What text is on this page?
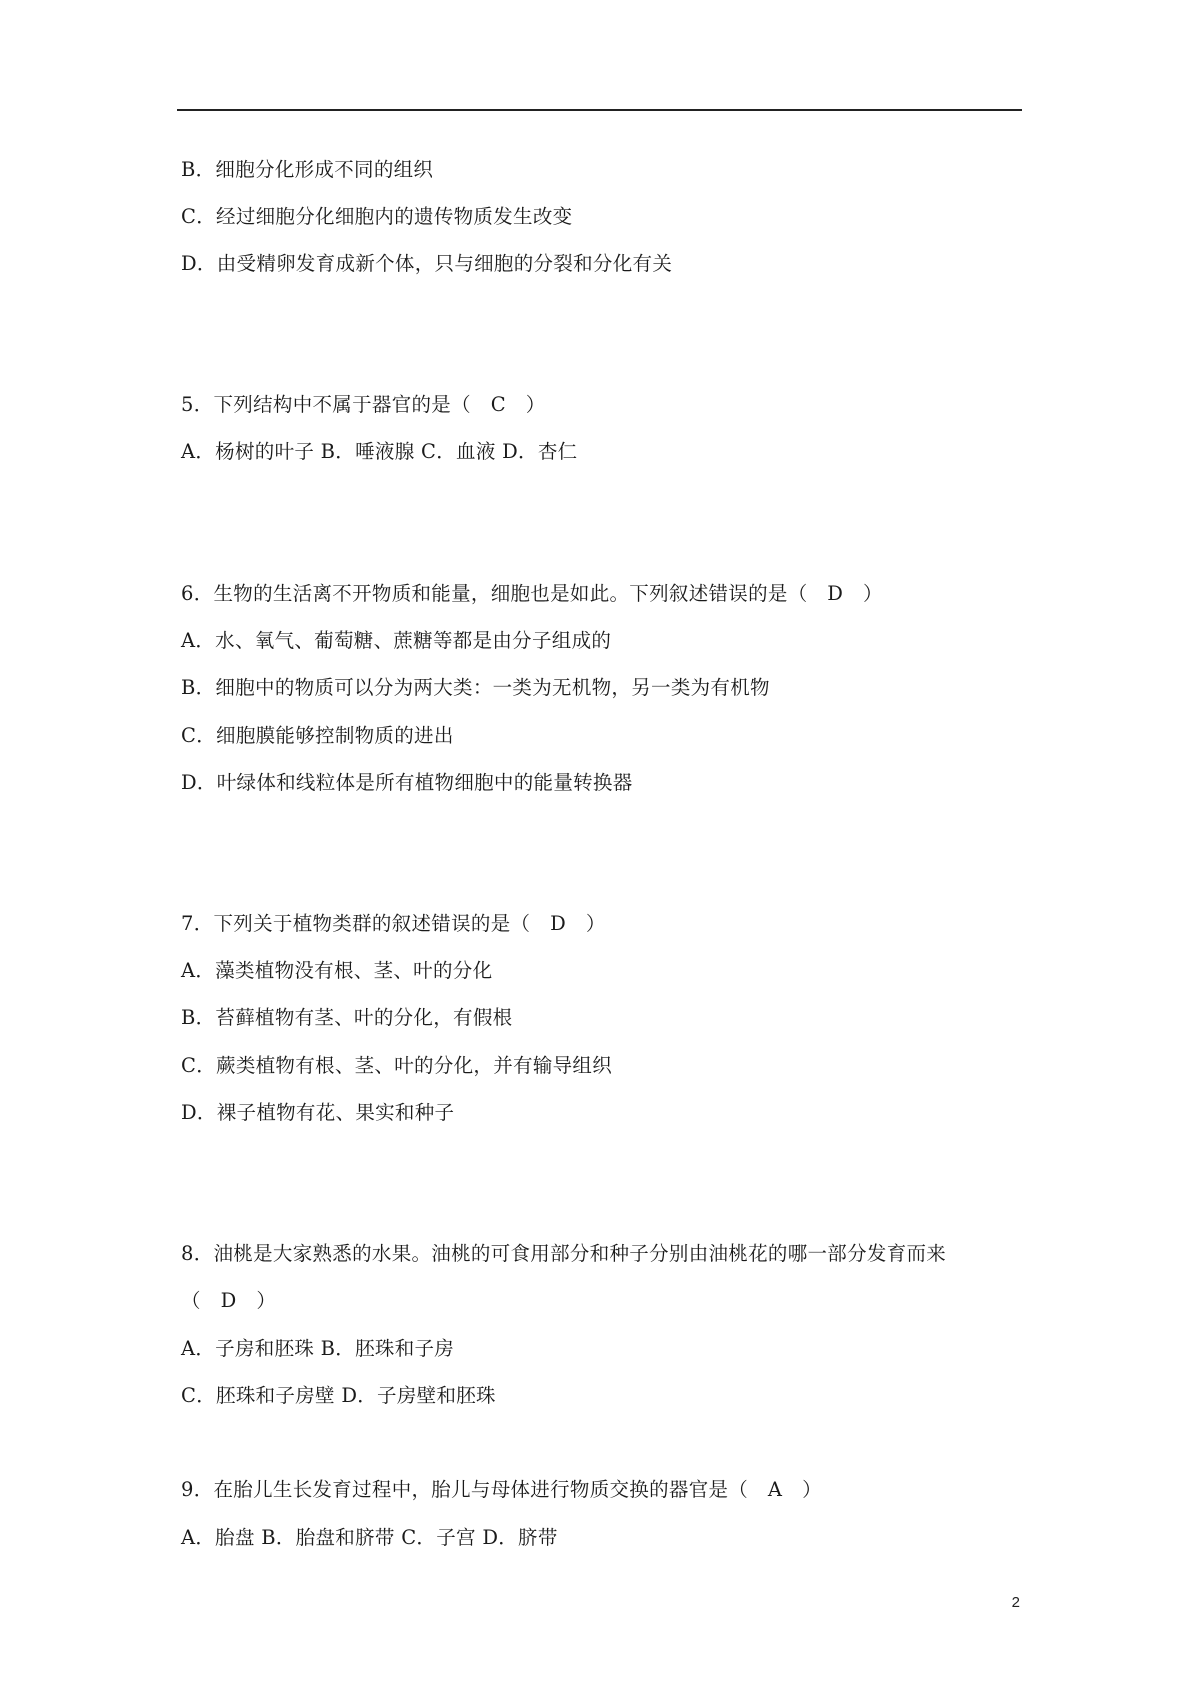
B．细胞分化形成不同的组织
C．经过细胞分化细胞内的遗传物质发生改变
D．由受精卵发育成新个体，只与细胞的分裂和分化有关
5．下列结构中不属于器官的是（　C　）
A．杨树的叶子 B．唾液腺 C．血液 D．杏仁
6．生物的生活离不开物质和能量，细胞也是如此。下列叙述错误的是（　D　）
A．水、氧气、葡萄糖、蔗糖等都是由分子组成的
B．细胞中的物质可以分为两大类：一类为无机物，另一类为有机物
C．细胞膜能够控制物质的进出
D．叶绿体和线粒体是所有植物细胞中的能量转换器
7．下列关于植物类群的叙述错误的是（　D　）
A．藻类植物没有根、茎、叶的分化
B．苔藓植物有茎、叶的分化，有假根
C．蕨类植物有根、茎、叶的分化，并有输导组织
D．裸子植物有花、果实和种子
8．油桃是大家熟悉的水果。油桃的可食用部分和种子分别由油桃花的哪一部分发育而来
（　D　）
A．子房和胚珠 B．胚珠和子房
C．胚珠和子房壁 D．子房壁和胚珠
9．在胎儿生长发育过程中，胎儿与母体进行物质交换的器官是（　A　）
A．胎盘 B．胎盘和脐带 C．子宫 D．脐带
2
